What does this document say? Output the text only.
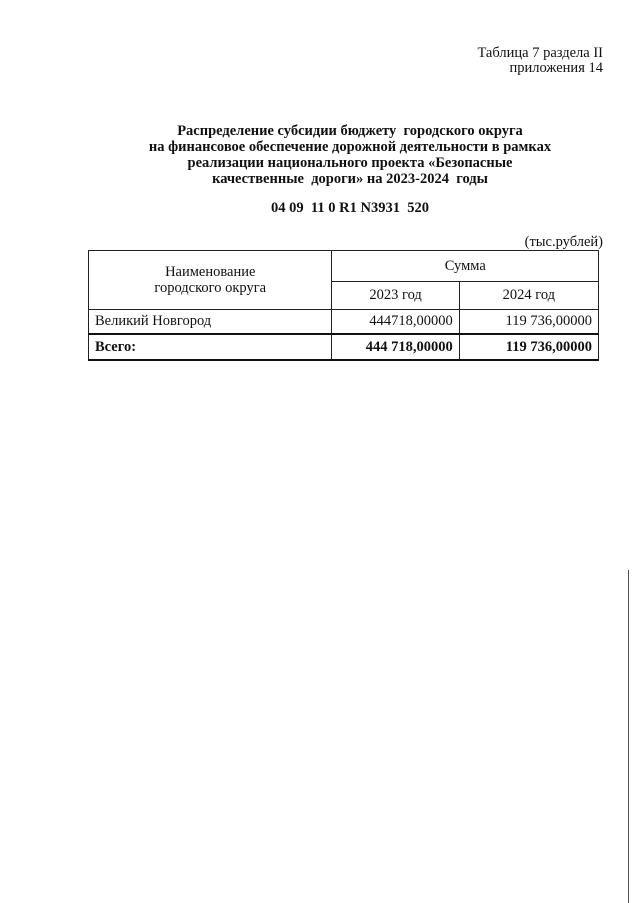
Таблица 7 раздела II
приложения 14
Распределение субсидии бюджету  городского округа
на финансовое обеспечение дорожной деятельности в рамках
реализации национального проекта «Безопасные
качественные  дороги» на 2023-2024  годы
04 09  11 0 R1 N3931  520
(тыс.рублей)
Наименование
городского округа	Сумма	
	2023 год	2024 год
Великий Новгород	444718,00000	119 736,00000
Всего:	444 718,00000	119 736,00000
